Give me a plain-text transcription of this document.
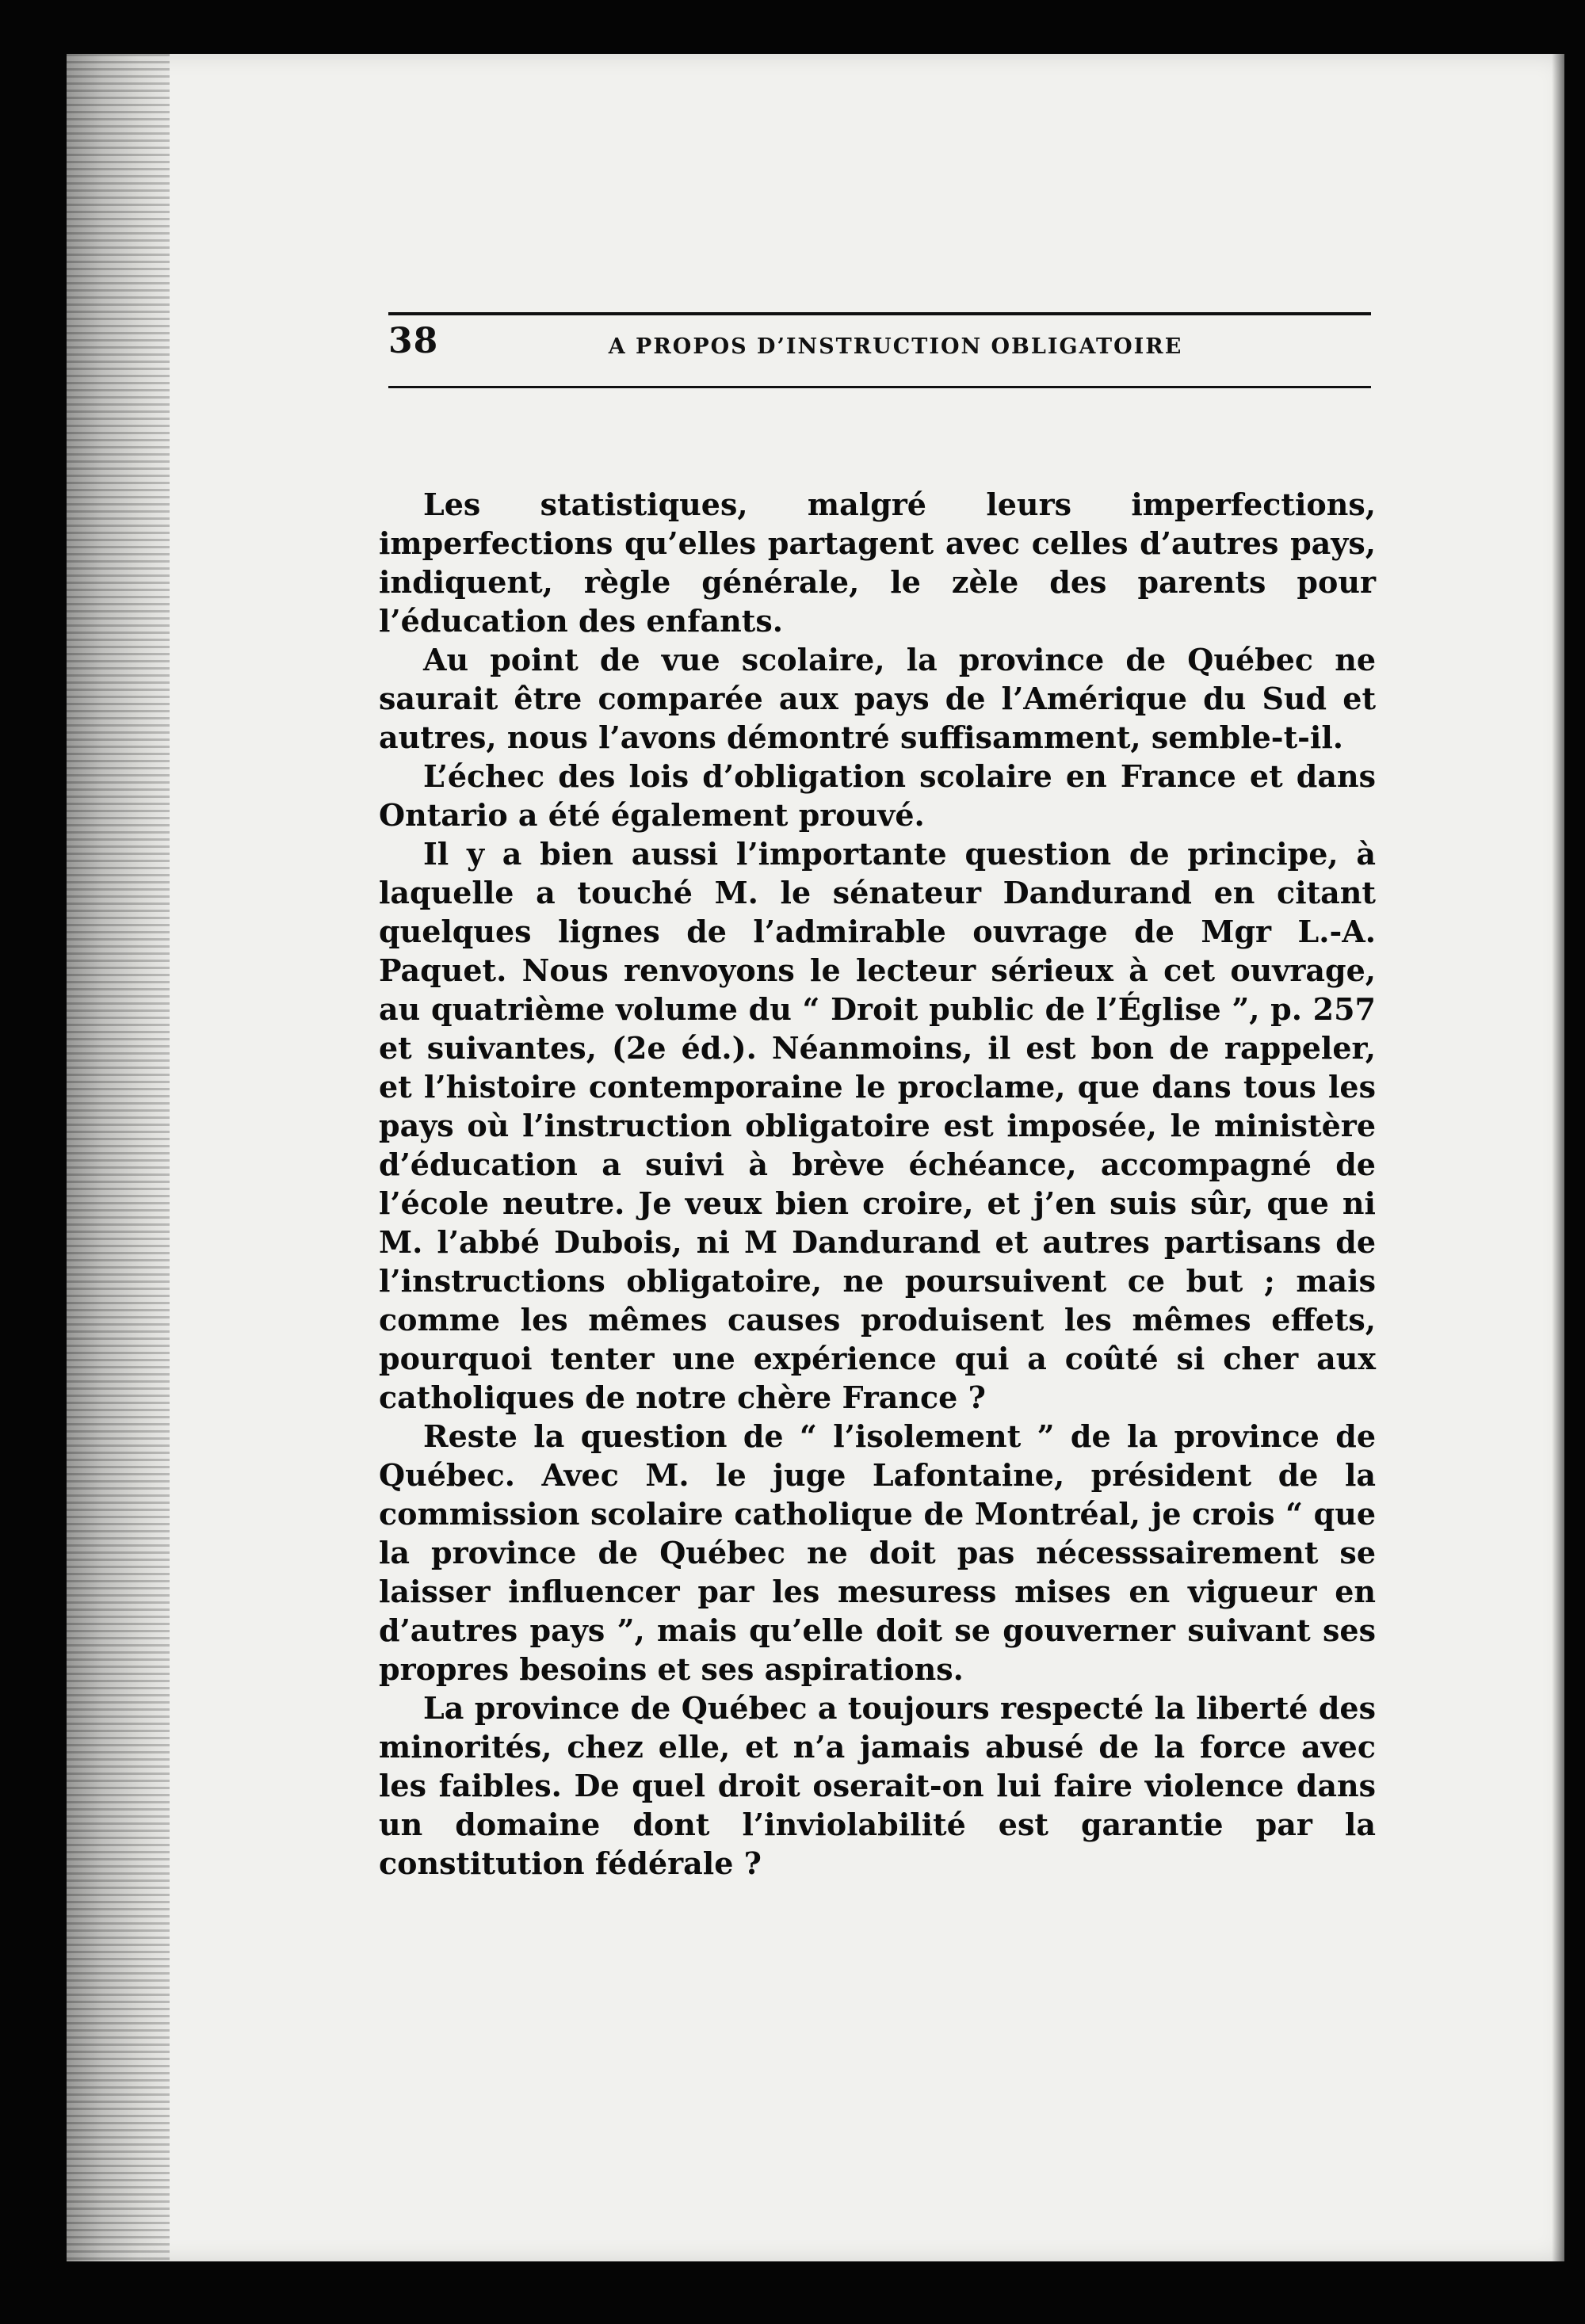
38	A PROPOS D’INSTRUCTION OBLIGATOIRE

Les statistiques, malgré leurs imperfections, imperfections qu’elles partagent avec celles d’autres pays, indiquent, règle générale, le zèle des parents pour l’éducation des enfants.

Au point de vue scolaire, la province de Québec ne saurait être comparée aux pays de l’Amérique du Sud et autres, nous l’avons démontré suffisamment, semble-t-il.

L’échec des lois d’obligation scolaire en France et dans Ontario a été également prouvé.

Il y a bien aussi l’importante question de principe, à laquelle a touché M. le sénateur Dandurand en citant quelques lignes de l’admirable ouvrage de Mgr L.-A. Paquet. Nous renvoyons le lecteur sérieux à cet ouvrage, au quatrième volume du “ Droit public de l’Église ”, p. 257 et suivantes, (2e éd.). Néanmoins, il est bon de rappeler, et l’histoire contemporaine le proclame, que dans tous les pays où l’instruction obligatoire est imposée, le ministère d’éducation a suivi à brève échéance, accompagné de l’école neutre. Je veux bien croire, et j’en suis sûr, que ni M. l’abbé Dubois, ni M Dandurand et autres partisans de l’instructions obligatoire, ne poursuivent ce but ; mais comme les mêmes causes produisent les mêmes effets, pourquoi tenter une expérience qui a coûté si cher aux catholiques de notre chère France ?

Reste la question de “ l’isolement ” de la province de Québec. Avec M. le juge Lafontaine, président de la commission scolaire catholique de Montréal, je crois “ que la province de Québec ne doit pas nécesssairement se laisser influencer par les mesuress mises en vigueur en d’autres pays ”, mais qu’elle doit se gouverner suivant ses propres besoins et ses aspirations.

La province de Québec a toujours respecté la liberté des minorités, chez elle, et n’a jamais abusé de la force avec les faibles. De quel droit oserait-on lui faire violence dans un domaine dont l’inviolabilité est garantie par la constitution fédérale ?
